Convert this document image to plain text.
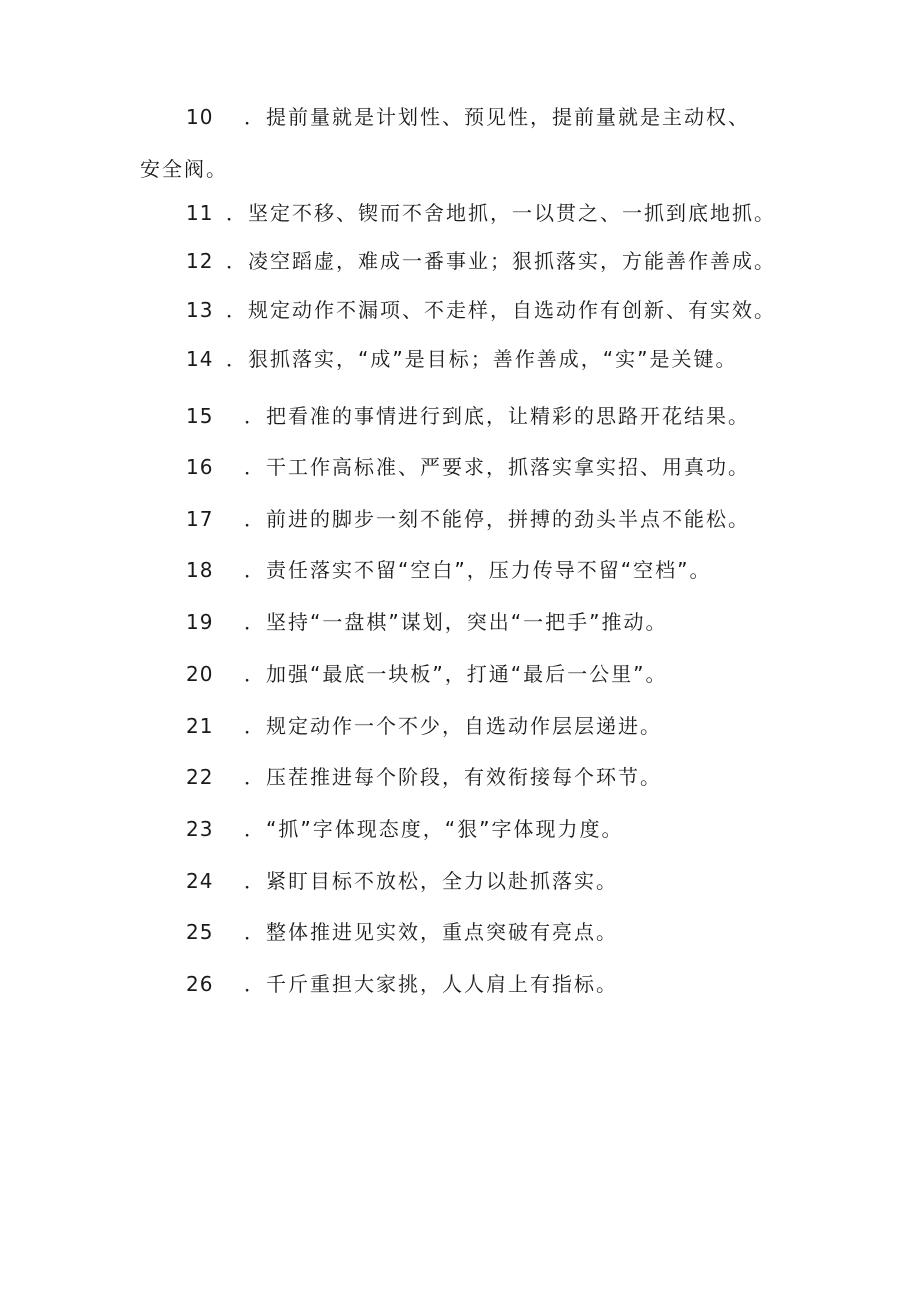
10 ．提前量就是计划性、预见性，提前量就是主动权、
安全阀。
11 ．坚定不移、锲而不舍地抓，一以贯之、一抓到底地抓。
12 ．凌空蹈虚，难成一番事业；狠抓落实，方能善作善成。
13 ．规定动作不漏项、不走样，自选动作有创新、有实效。
14 ．狠抓落实，“成”是目标；善作善成，“实”是关键。
15 ．把看准的事情进行到底，让精彩的思路开花结果。
16 ．干工作高标准、严要求，抓落实拿实招、用真功。
17 ．前进的脚步一刻不能停，拼搏的劲头半点不能松。
18 ．责任落实不留“空白”，压力传导不留“空档”。
19 ．坚持“一盘棋”谋划，突出“一把手”推动。
20 ．加强“最底一块板”，打通“最后一公里”。
21 ．规定动作一个不少，自选动作层层递进。
22 ．压茬推进每个阶段，有效衔接每个环节。
23 ．“抓”字体现态度，“狠”字体现力度。
24 ．紧盯目标不放松，全力以赴抓落实。
25 ．整体推进见实效，重点突破有亮点。
26 ．千斤重担大家挑，人人肩上有指标。
